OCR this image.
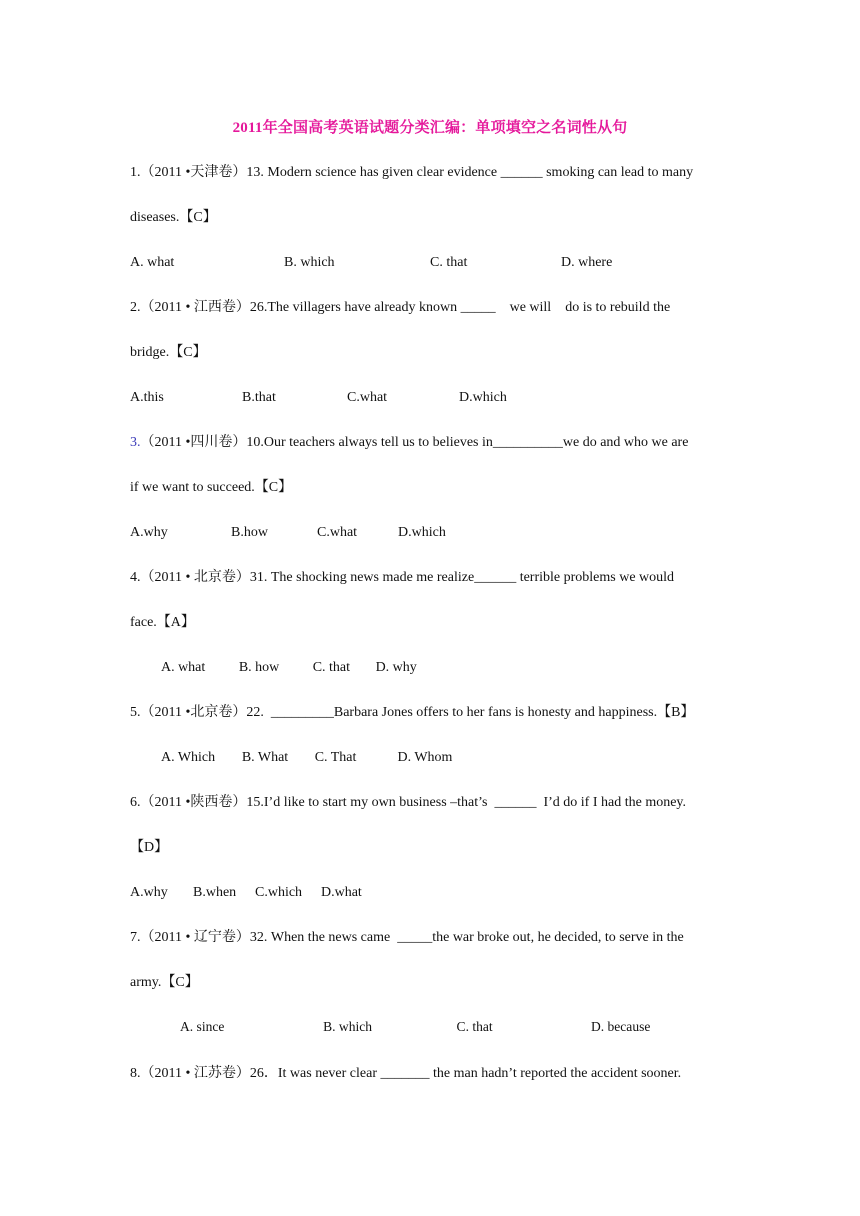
2011年全国高考英语试题分类汇编：单项填空之名词性从句
1.（2011 •天津卷）13. Modern science has given clear evidence ______ smoking can lead to many
diseases.【C】
A. what	B. which	C. that	D. where
2.（2011 • 江西卷）26.The villagers have already known _____    we will    do is to rebuild the
bridge.【C】
A.this	B.that	C.what	D.which
3.（2011 •四川卷）10.Our teachers always tell us to believes in__________we do and who we are
if we want to succeed.【C】
A.why	B.how	C.what	D.which
4.（2011 • 北京卷）31. The shocking news made me realize______ terrible problems we would
face.【A】
A. what	B. how	C. that	D. why
5.（2011 •北京卷）22.  _________Barbara Jones offers to her fans is honesty and happiness.【B】
A. Which	B. What	C. That	D. Whom
6.（2011 •陕西卷）15.I’d like to start my own business –that’s  ______  I’d do if I had the money.
【D】
A.why	B.when	C.which	D.what
7.（2011 • 辽宁卷）32. When the news came  _____the war broke out, he decided, to serve in the
army.【C】
A. since	B. which	C. that	D. because
8.（2011 • 江苏卷）26．It was never clear _______ the man hadn’t reported the accident sooner.
